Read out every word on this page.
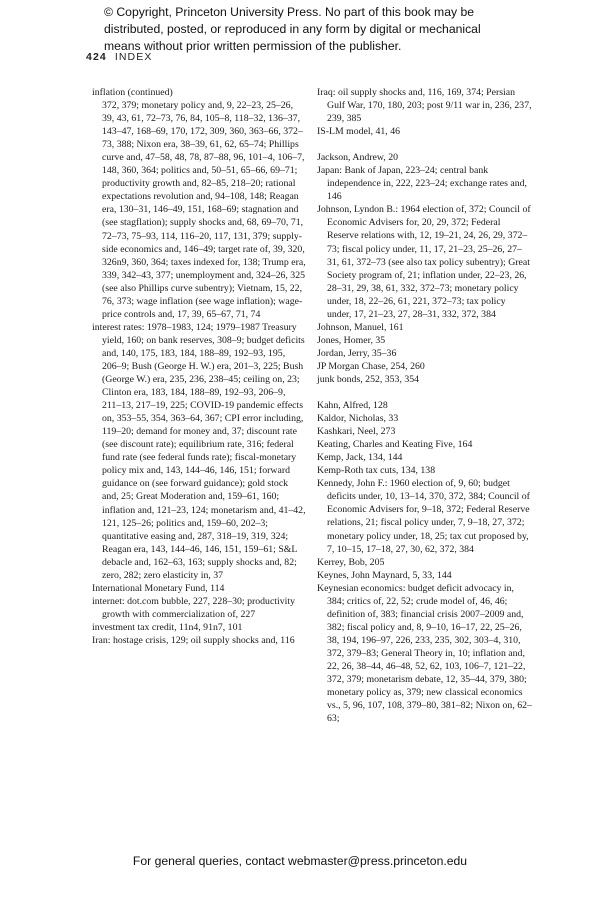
© Copyright, Princeton University Press. No part of this book may be
distributed, posted, or reproduced in any form by digital or mechanical
means without prior written permission of the publisher.
424 INDEX
inflation (continued)
372, 379; monetary policy and, 9, 22–23, 25–26, 39, 43, 61, 72–73, 76, 84, 105–8, 118–32, 136–37, 143–47, 168–69, 170, 172, 309, 360, 363–66, 372–73, 388; Nixon era, 38–39, 61, 62, 65–74; Phillips curve and, 47–58, 48, 78, 87–88, 96, 101–4, 106–7, 148, 360, 364; politics and, 50–51, 65–66, 69–71; productivity growth and, 82–85, 218–20; rational expectations revolution and, 94–108, 148; Reagan era, 130–31, 146–49, 151, 168–69; stagnation and (see stagflation); supply shocks and, 68, 69–70, 71, 72–73, 75–93, 114, 116–20, 117, 131, 379; supply-side economics and, 146–49; target rate of, 39, 320, 326n9, 360, 364; taxes indexed for, 138; Trump era, 339, 342–43, 377; unemployment and, 324–26, 325 (see also Phillips curve subentry); Vietnam, 15, 22, 76, 373; wage inflation (see wage inflation); wage-price controls and, 17, 39, 65–67, 71, 74
interest rates: 1978–1983, 124; 1979–1987 Treasury yield, 160; on bank reserves, 308–9; budget deficits and, 140, 175, 183, 184, 188–89, 192–93, 195, 206–9; Bush (George H. W.) era, 201–3, 225; Bush (George W.) era, 235, 236, 238–45; ceiling on, 23; Clinton era, 183, 184, 188–89, 192–93, 206–9, 211–13, 217–19, 225; COVID-19 pandemic effects on, 353–55, 354, 363–64, 367; CPI error including, 119–20; demand for money and, 37; discount rate (see discount rate); equilibrium rate, 316; federal fund rate (see federal funds rate); fiscal-monetary policy mix and, 143, 144–46, 146, 151; forward guidance on (see forward guidance); gold stock and, 25; Great Moderation and, 159–61, 160; inflation and, 121–23, 124; monetarism and, 41–42, 121, 125–26; politics and, 159–60, 202–3; quantitative easing and, 287, 318–19, 319, 324; Reagan era, 143, 144–46, 146, 151, 159–61; S&L debacle and, 162–63, 163; supply shocks and, 82; zero, 282; zero elasticity in, 37
International Monetary Fund, 114
internet: dot.com bubble, 227, 228–30; productivity growth with commercialization of, 227
investment tax credit, 11n4, 91n7, 101
Iran: hostage crisis, 129; oil supply shocks and, 116
Iraq: oil supply shocks and, 116, 169, 374; Persian Gulf War, 170, 180, 203; post 9/11 war in, 236, 237, 239, 385
IS-LM model, 41, 46
Jackson, Andrew, 20
Japan: Bank of Japan, 223–24; central bank independence in, 222, 223–24; exchange rates and, 146
Johnson, Lyndon B.: 1964 election of, 372; Council of Economic Advisers for, 20, 29, 372; Federal Reserve relations with, 12, 19–21, 24, 26, 29, 372–73; fiscal policy under, 11, 17, 21–23, 25–26, 27–31, 61, 372–73 (see also tax policy subentry); Great Society program of, 21; inflation under, 22–23, 26, 28–31, 29, 38, 61, 332, 372–73; monetary policy under, 18, 22–26, 61, 221, 372–73; tax policy under, 17, 21–23, 27, 28–31, 332, 372, 384
Johnson, Manuel, 161
Jones, Homer, 35
Jordan, Jerry, 35–36
JP Morgan Chase, 254, 260
junk bonds, 252, 353, 354
Kahn, Alfred, 128
Kaldor, Nicholas, 33
Kashkari, Neel, 273
Keating, Charles and Keating Five, 164
Kemp, Jack, 134, 144
Kemp-Roth tax cuts, 134, 138
Kennedy, John F.: 1960 election of, 9, 60; budget deficits under, 10, 13–14, 370, 372, 384; Council of Economic Advisers for, 9–18, 372; Federal Reserve relations, 21; fiscal policy under, 7, 9–18, 27, 372; monetary policy under, 18, 25; tax cut proposed by, 7, 10–15, 17–18, 27, 30, 62, 372, 384
Kerrey, Bob, 205
Keynes, John Maynard, 5, 33, 144
Keynesian economics: budget deficit advocacy in, 384; critics of, 22, 52; crude model of, 46, 46; definition of, 383; financial crisis 2007–2009 and, 382; fiscal policy and, 8, 9–10, 16–17, 22, 25–26, 38, 194, 196–97, 226, 233, 235, 302, 303–4, 310, 372, 379–83; General Theory in, 10; inflation and, 22, 26, 38–44, 46–48, 52, 62, 103, 106–7, 121–22, 372, 379; monetarism debate, 12, 35–44, 379, 380; monetary policy as, 379; new classical economics vs., 5, 96, 107, 108, 379–80, 381–82; Nixon on, 62–63;
For general queries, contact webmaster@press.princeton.edu
